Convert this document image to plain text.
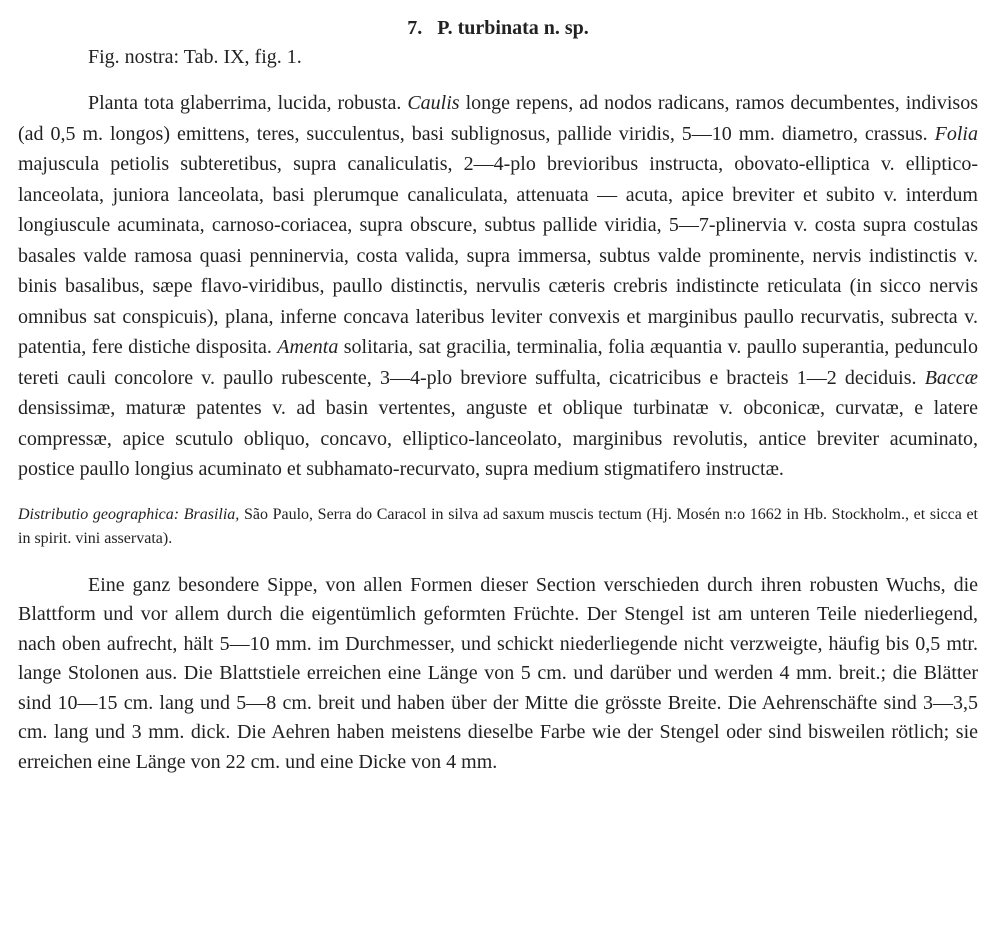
7. P. turbinata n. sp.

Fig. nostra: Tab. IX, fig. 1.

Planta tota glaberrima, lucida, robusta. Caulis longe repens, ad nodos radicans, ramos decumbentes, indivisos (ad 0,5 m. longos) emittens, teres, succulentus, basi sublignosus, pallide viridis, 5—10 mm. diametro, crassus. Folia majuscula petiolis subteretibus, supra canaliculatis, 2—4-plo brevioribus instructa, obovato-elliptica v. elliptico-lanceolata, juniora lanceolata, basi plerumque canaliculata, attenuata — acuta, apice breviter et subito v. interdum longiuscule acuminata, carnoso-coriacea, supra obscure, subtus pallide viridia, 5—7-plinervia v. costa supra costulas basales valde ramosa quasi penninervia, costa valida, supra immersa, subtus valde prominente, nervis indistinctis v. binis basalibus, sæpe flavo-viridibus, paullo distinctis, nervulis cæteris crebris indistincte reticulata (in sicco nervis omnibus sat conspicuis), plana, inferne concava lateribus leviter convexis et marginibus paullo recurvatis, subrecta v. patentia, fere distiche disposita. Amenta solitaria, sat gracilia, terminalia, folia æquantia v. paullo superantia, pedunculo tereti cauli concolore v. paullo rubescente, 3—4-plo breviore suffulta, cicatricibus e bracteis 1—2 deciduis. Baccæ densissimæ, maturæ patentes v. ad basin vertentes, anguste et oblique turbinatæ v. obconicæ, curvatæ, e latere compressæ, apice scutulo obliquo, concavo, elliptico-lanceolato, marginibus revolutis, antice breviter acuminato, postice paullo longius acuminato et subhamato-recurvato, supra medium stigmatifero instructæ.

Distributio geographica: Brasilia, São Paulo, Serra do Caracol in silva ad saxum muscis tectum (Hj. Mosén n:o 1662 in Hb. Stockholm., et sicca et in spirit. vini asservata).

Eine ganz besondere Sippe, von allen Formen dieser Section verschieden durch ihren robusten Wuchs, die Blattform und vor allem durch die eigentümlich geformten Früchte. Der Stengel ist am unteren Teile niederliegend, nach oben aufrecht, hält 5—10 mm. im Durchmesser, und schickt niederliegende nicht verzweigte, häufig bis 0,5 mtr. lange Stolonen aus. Die Blattstiele erreichen eine Länge von 5 cm. und darüber und werden 4 mm. breit.; die Blätter sind 10—15 cm. lang und 5—8 cm. breit und haben über der Mitte die grösste Breite. Die Aehrenschäfte sind 3—3,5 cm. lang und 3 mm. dick. Die Aehren haben meistens dieselbe Farbe wie der Stengel oder sind bisweilen rötlich; sie erreichen eine Länge von 22 cm. und eine Dicke von 4 mm.
